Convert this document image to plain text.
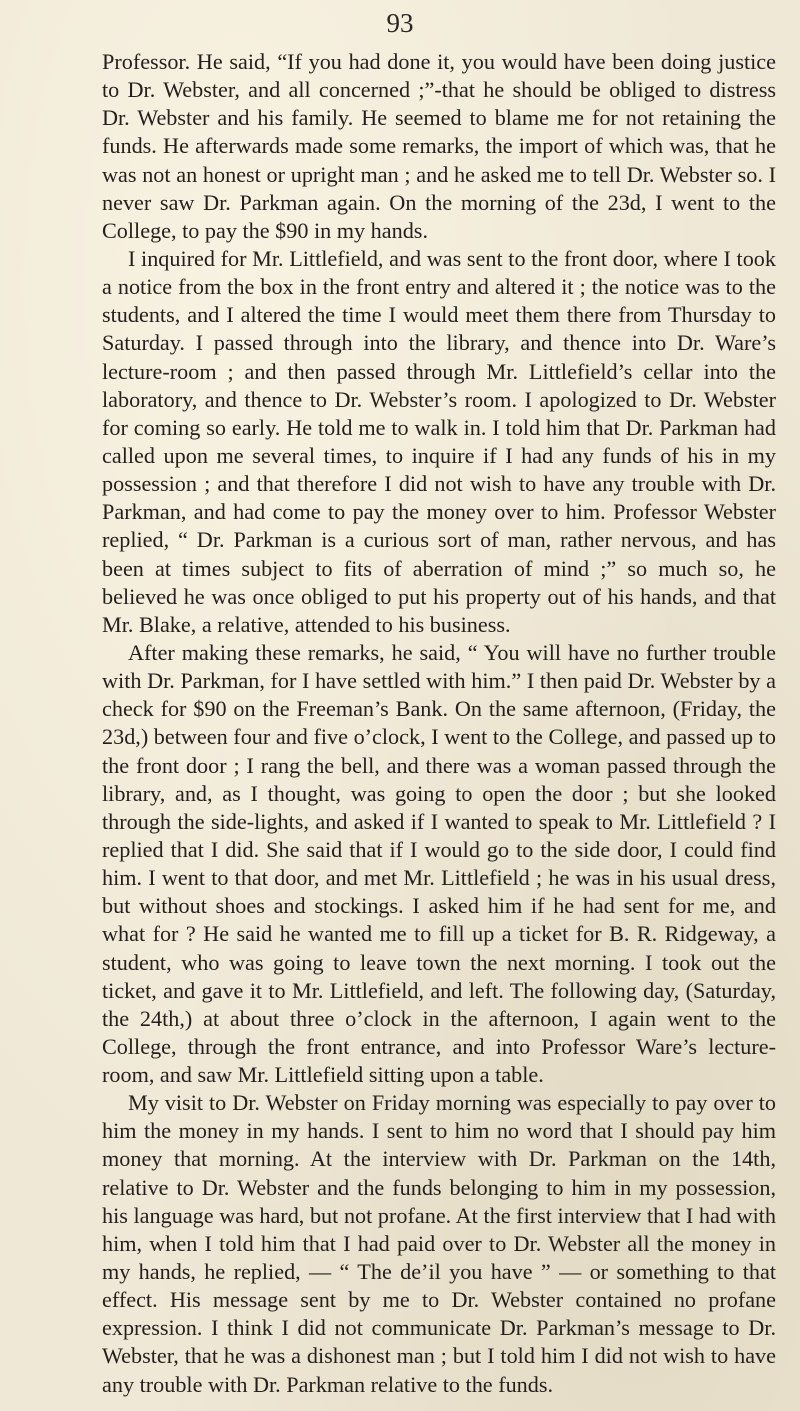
93

Professor. He said, “If you had done it, you would have been doing justice to Dr. Webster, and all concerned ;”-that he should be obliged to distress Dr. Webster and his family. He seemed to blame me for not retaining the funds. He afterwards made some remarks, the import of which was, that he was not an honest or upright man ; and he asked me to tell Dr. Webster so. I never saw Dr. Parkman again. On the morning of the 23d, I went to the College, to pay the $90 in my hands.

I inquired for Mr. Littlefield, and was sent to the front door, where I took a notice from the box in the front entry and altered it ; the notice was to the students, and I altered the time I would meet them there from Thursday to Saturday. I passed through into the library, and thence into Dr. Ware’s lecture-room ; and then passed through Mr. Littlefield’s cellar into the laboratory, and thence to Dr. Webster’s room. I apologized to Dr. Webster for coming so early. He told me to walk in. I told him that Dr. Parkman had called upon me several times, to inquire if I had any funds of his in my possession ; and that therefore I did not wish to have any trouble with Dr. Parkman, and had come to pay the money over to him. Professor Webster replied, “ Dr. Parkman is a curious sort of man, rather nervous, and has been at times subject to fits of aberration of mind ;” so much so, he believed he was once obliged to put his property out of his hands, and that Mr. Blake, a relative, attended to his business.

After making these remarks, he said, “ You will have no further trouble with Dr. Parkman, for I have settled with him.” I then paid Dr. Webster by a check for $90 on the Freeman’s Bank. On the same afternoon, (Friday, the 23d,) between four and five o’clock, I went to the College, and passed up to the front door ; I rang the bell, and there was a woman passed through the library, and, as I thought, was going to open the door ; but she looked through the side-lights, and asked if I wanted to speak to Mr. Littlefield ? I replied that I did. She said that if I would go to the side door, I could find him. I went to that door, and met Mr. Littlefield ; he was in his usual dress, but without shoes and stockings. I asked him if he had sent for me, and what for ? He said he wanted me to fill up a ticket for B. R. Ridgeway, a student, who was going to leave town the next morning. I took out the ticket, and gave it to Mr. Littlefield, and left. The following day, (Saturday, the 24th,) at about three o’clock in the afternoon, I again went to the College, through the front entrance, and into Professor Ware’s lecture-room, and saw Mr. Littlefield sitting upon a table.

My visit to Dr. Webster on Friday morning was especially to pay over to him the money in my hands. I sent to him no word that I should pay him money that morning. At the interview with Dr. Parkman on the 14th, relative to Dr. Webster and the funds belonging to him in my possession, his language was hard, but not profane. At the first interview that I had with him, when I told him that I had paid over to Dr. Webster all the money in my hands, he replied, — “ The de’il you have ” — or something to that effect. His message sent by me to Dr. Webster contained no profane expression. I think I did not communicate Dr. Parkman’s message to Dr. Webster, that he was a dishonest man ; but I told him I did not wish to have any trouble with Dr. Parkman relative to the funds.
